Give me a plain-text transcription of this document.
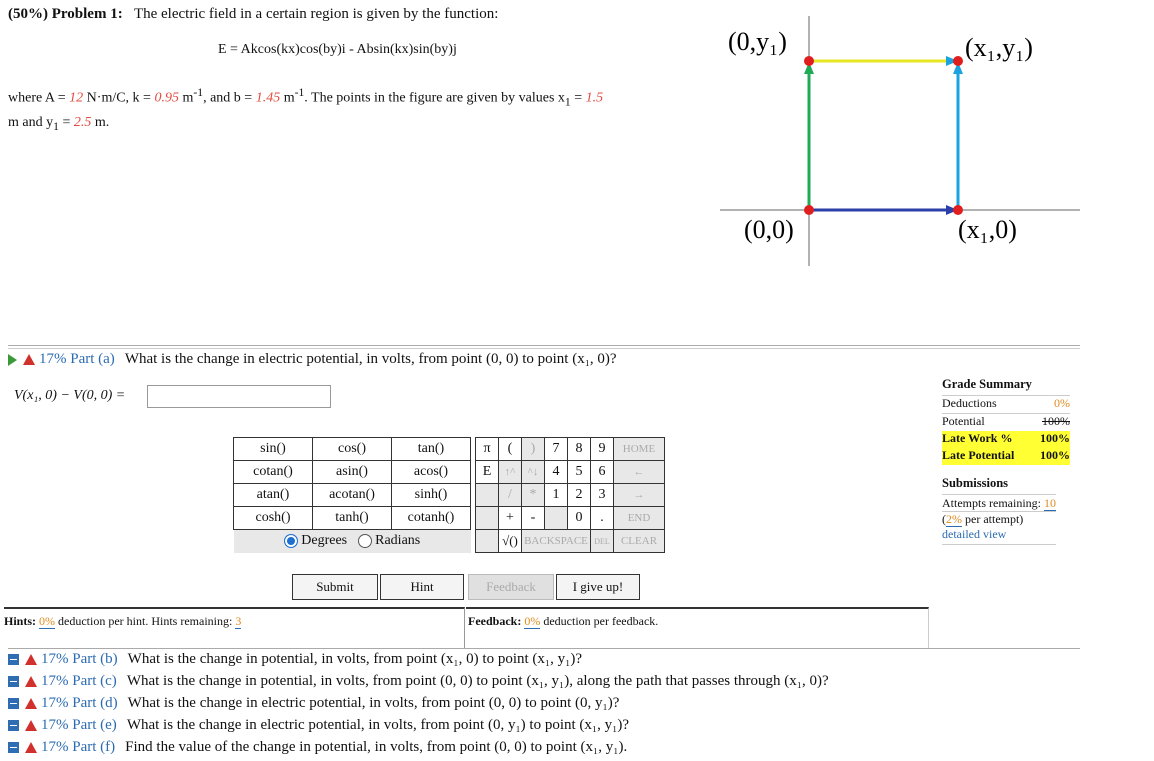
(50%) Problem 1: The electric field in a certain region is given by the function:
E = Akcos(kx)cos(by)i - Absin(kx)sin(by)j
where A = 12 N·m/C, k = 0.95 $m^{-1}$, and b = 1.45 $m^{-1}$. The points in the figure are given by values $x_1 = 1.5$
m and $y_1 = 2.5$ m.
(0,y₁)	(x₁,y₁)
(0,0)	(x₁,0)
17% Part (a) What is the change in electric potential, in volts, from point (0, 0) to point (x₁, 0)?
V(x₁, 0) − V(0, 0) =
sin()	cos()	tan()		π	(	)	7	8	9	HOME
cotan()	asin()	acos()		E	↑^	^↓	4	5	6	←
atan()	acotan()	sinh()			/	*	1	2	3	→
cosh()	tanh()	cotanh()			+	-		0	.	END
Degrees Radians					√()	BACKSPACE			DEL	CLEAR
Submit	Hint	Feedback	I give up!
Hints: 0% deduction per hint. Hints remaining: 3	Feedback: 0% deduction per feedback.
Grade Summary
Deductions	0%
Potential	100%
Late Work %	100%
Late Potential	100%
Submissions
Attempts remaining: 10
(2% per attempt)
detailed view
17% Part (b) What is the change in potential, in volts, from point (x₁, 0) to point (x₁, y₁)?
17% Part (c) What is the change in potential, in volts, from point (0, 0) to point (x₁, y₁), along the path that passes through (x₁, 0)?
17% Part (d) What is the change in electric potential, in volts, from point (0, 0) to point (0, y₁)?
17% Part (e) What is the change in electric potential, in volts, from point (0, y₁) to point (x₁, y₁)?
17% Part (f) Find the value of the change in potential, in volts, from point (0, 0) to point (x₁, y₁).
